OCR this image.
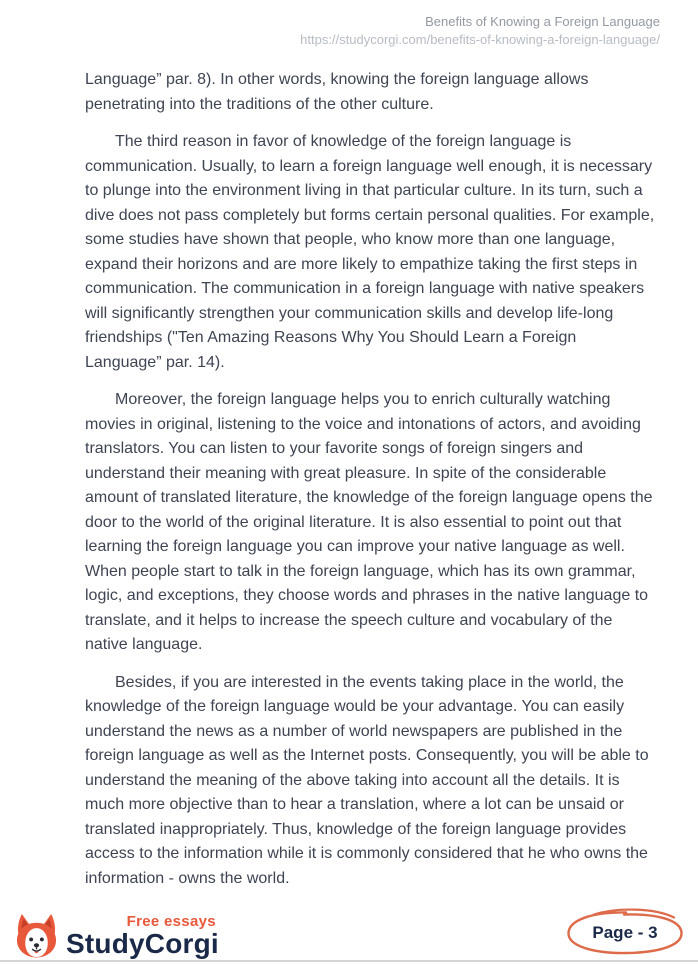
Benefits of Knowing a Foreign Language
https://studycorgi.com/benefits-of-knowing-a-foreign-language/

Language” par. 8). In other words, knowing the foreign language allows penetrating into the traditions of the other culture.

The third reason in favor of knowledge of the foreign language is communication. Usually, to learn a foreign language well enough, it is necessary to plunge into the environment living in that particular culture. In its turn, such a dive does not pass completely but forms certain personal qualities. For example, some studies have shown that people, who know more than one language, expand their horizons and are more likely to empathize taking the first steps in communication. The communication in a foreign language with native speakers will significantly strengthen your communication skills and develop life-long friendships ("Ten Amazing Reasons Why You Should Learn a Foreign Language” par. 14).

Moreover, the foreign language helps you to enrich culturally watching movies in original, listening to the voice and intonations of actors, and avoiding translators. You can listen to your favorite songs of foreign singers and understand their meaning with great pleasure. In spite of the considerable amount of translated literature, the knowledge of the foreign language opens the door to the world of the original literature. It is also essential to point out that learning the foreign language you can improve your native language as well. When people start to talk in the foreign language, which has its own grammar, logic, and exceptions, they choose words and phrases in the native language to translate, and it helps to increase the speech culture and vocabulary of the native language.

Besides, if you are interested in the events taking place in the world, the knowledge of the foreign language would be your advantage. You can easily understand the news as a number of world newspapers are published in the foreign language as well as the Internet posts. Consequently, you will be able to understand the meaning of the above taking into account all the details. It is much more objective than to hear a translation, where a lot can be unsaid or translated inappropriately. Thus, knowledge of the foreign language provides access to the information while it is commonly considered that he who owns the information - owns the world.

Free essays
StudyCorgi	Page - 3
